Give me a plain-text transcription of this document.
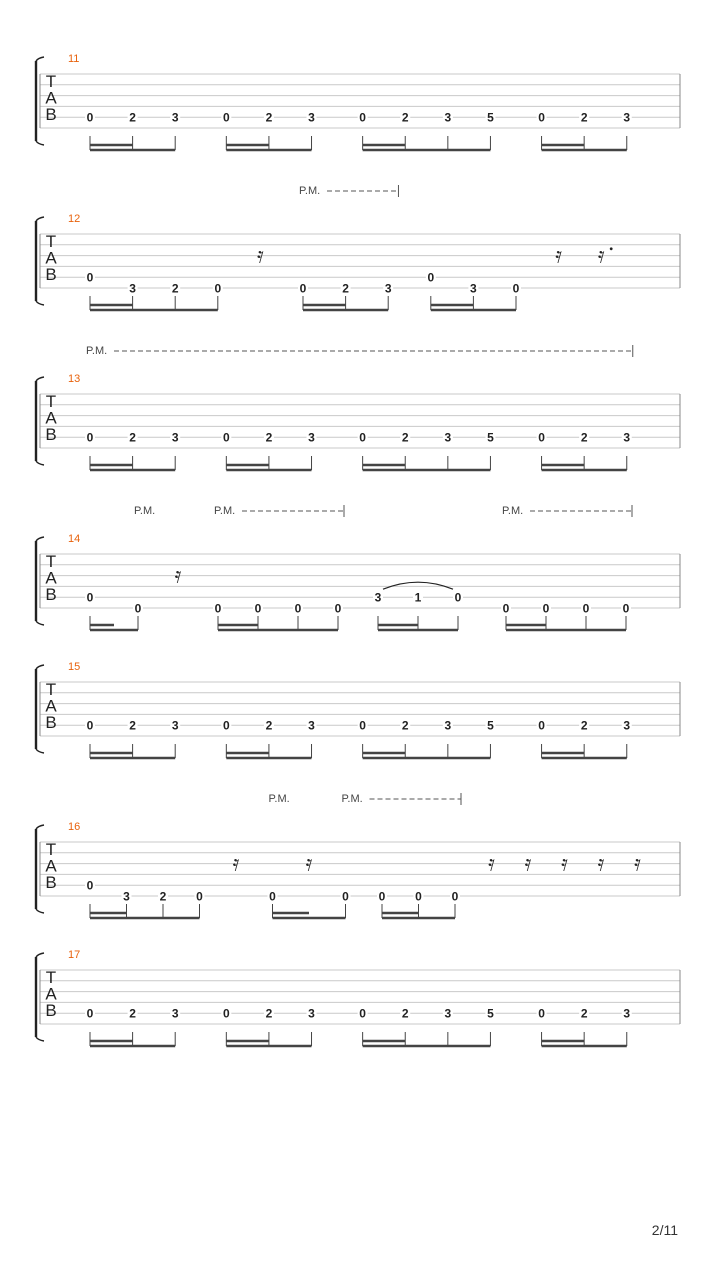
T
A
B
11
0	2	3	0	2	3	0	2	3	5	0	2	3
T
A
B
12
0
3	2	0	0	2	3
0
3	0
𝄿	𝄿 𝄿
P.M.
T
A
B
13
0	2	3	0	2	3	0	2	3	5	0	2	3
P.M.
T
A
B
14
0
0	0	0	0	0
3	1	0
0	0	0	0
𝄿
P.M.	P.M.	P.M.
T
A
B
15
0	2	3	0	2	3	0	2	3	5	0	2	3
T
A
B
16
0
3 2 0	0	0 0 0 0
𝄿	𝄿	𝄿 𝄿 𝄿 𝄿 𝄿
P.M.	P.M.
T
A
B
17
0	2	3	0	2	3	0	2	3	5	0	2	3
2/11
